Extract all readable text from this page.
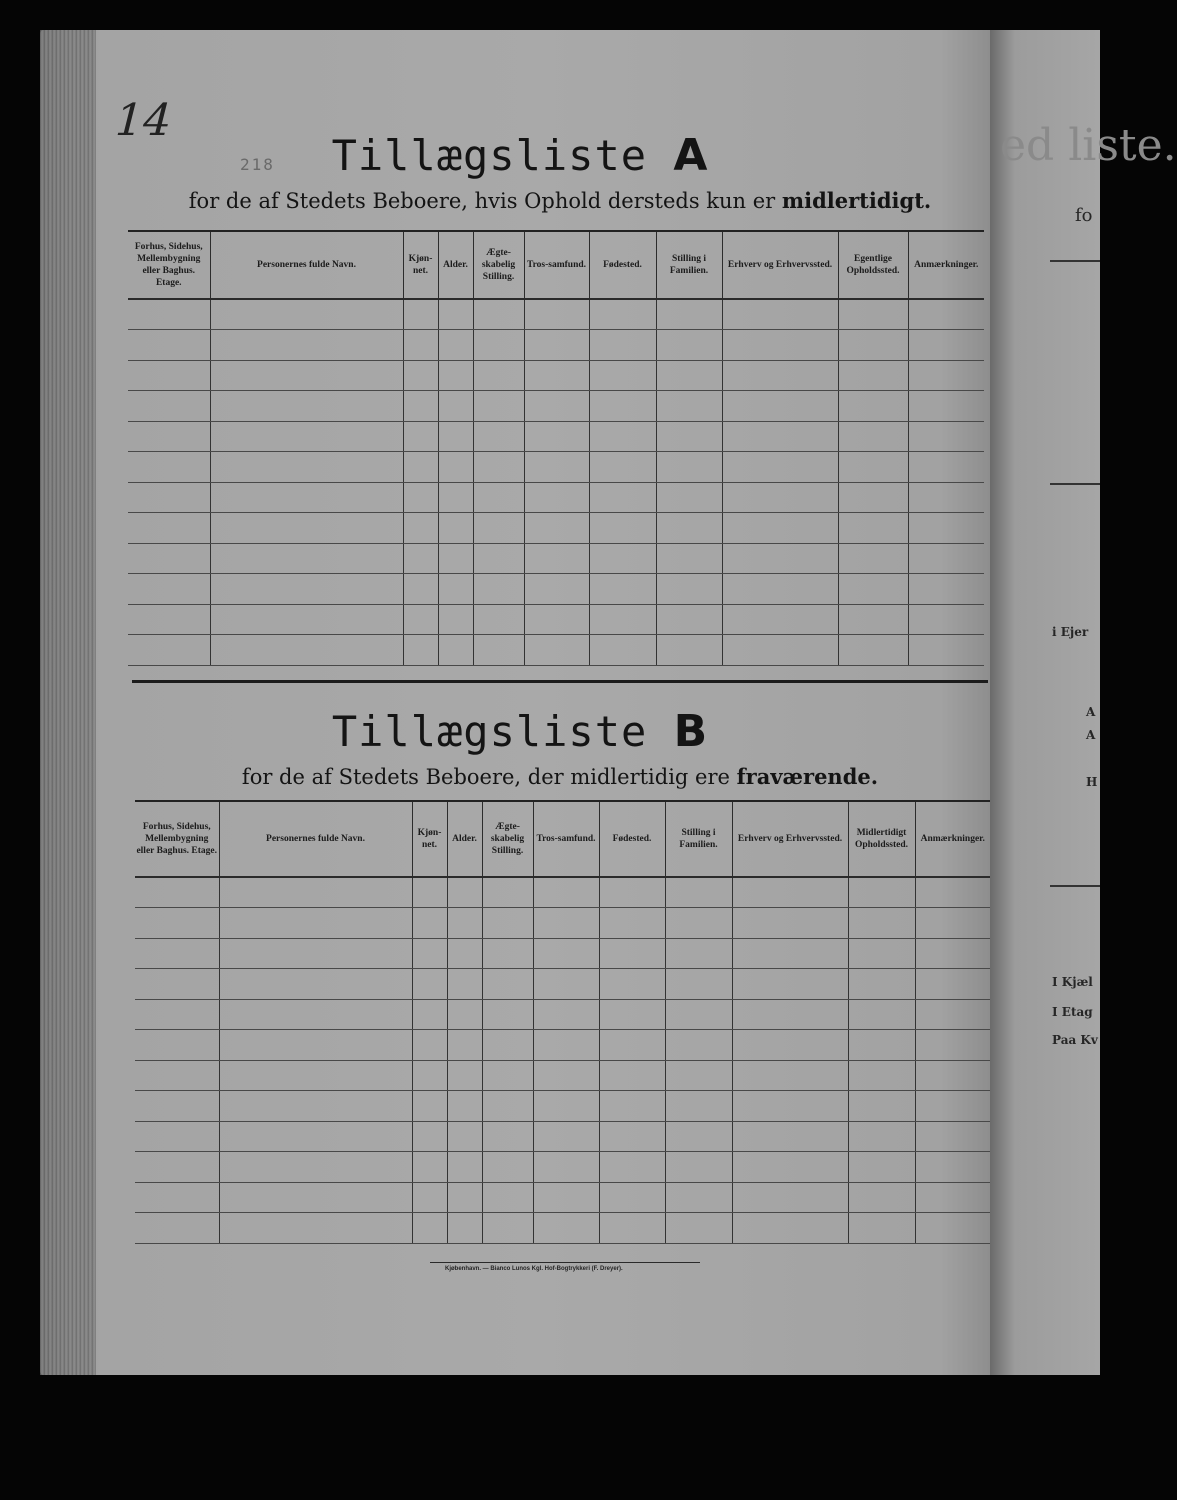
14
218	Tillægsliste A
for de af Stedets Beboere, hvis Ophold dersteds kun er midlertidigt.
Forhus, Sidehus, Mellembygning eller Baghus. Etage.	Personernes fulde Navn.	Kjøn-net.	Alder.	Ægte-skabelig Stilling.	Tros-samfund.	Fødested.	Stilling i Familien.	Erhverv og Erhvervssted.	Egentlige Opholdssted.	Anmærkninger.

Tillægsliste B
for de af Stedets Beboere, der midlertidig ere fraværende.
Forhus, Sidehus, Mellembygning eller Baghus. Etage.	Personernes fulde Navn.	Kjøn-net.	Alder.	Ægte-skabelig Stilling.	Tros-samfund.	Fødested.	Stilling i Familien.	Erhverv og Erhvervssted.	Midlertidigt Opholdssted.	Anmærkninger.

Kjøbenhavn. — Bianco Lunos Kgl. Hof-Bogtrykkeri (F. Dreyer).
ed liste.
fo
i Ejer
A
A
H
I Kjæl
I Etag
Paa Kv
